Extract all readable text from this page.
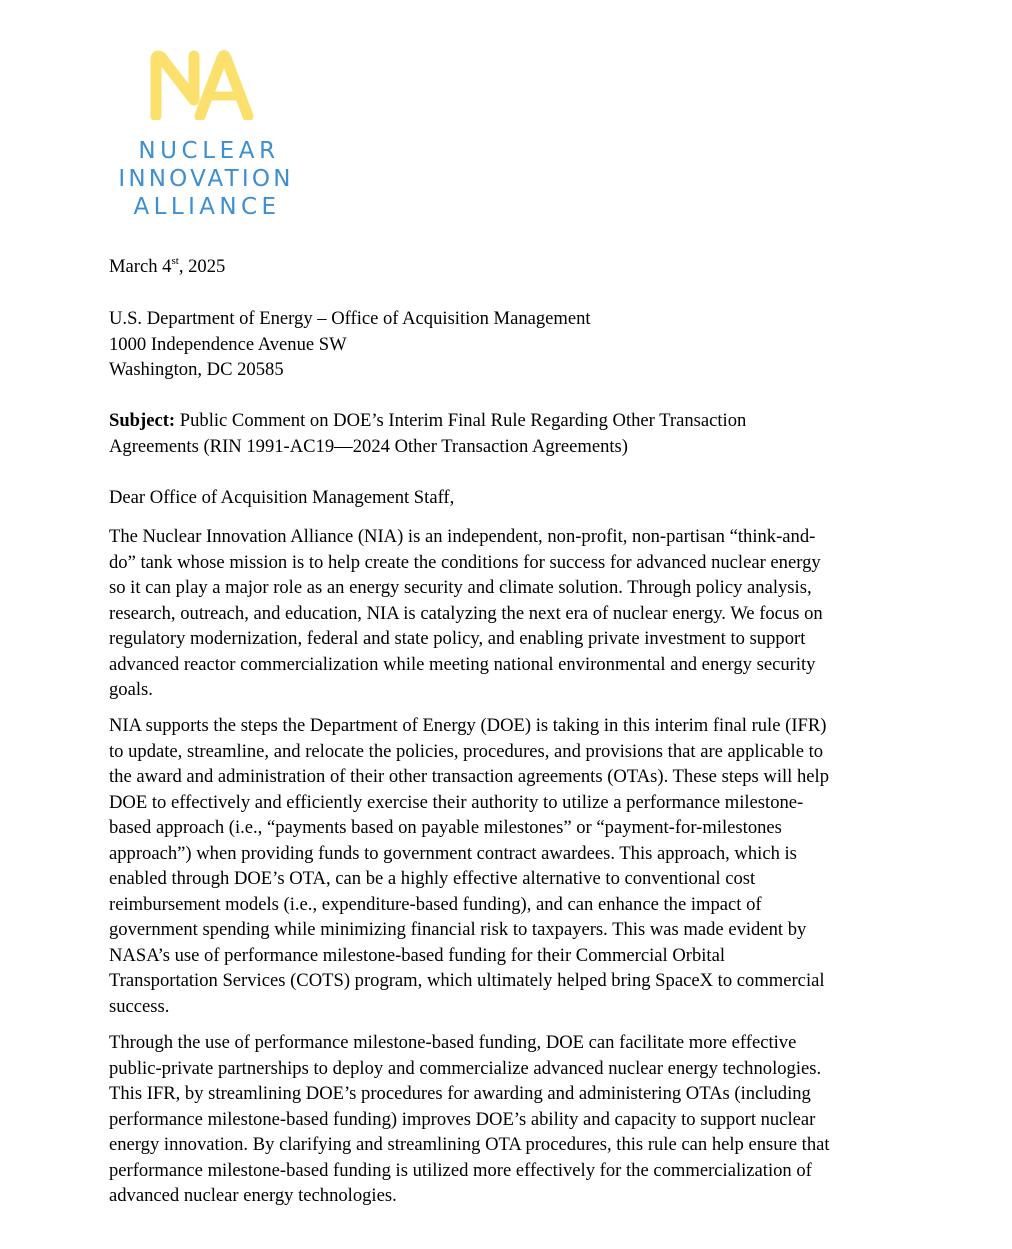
NUCLEAR
INNOVATION
ALLIANCE
March 4st, 2025
U.S. Department of Energy – Office of Acquisition Management
1000 Independence Avenue SW
Washington, DC 20585
Subject: Public Comment on DOE’s Interim Final Rule Regarding Other Transaction
Agreements (RIN 1991-AC19—2024 Other Transaction Agreements)
Dear Office of Acquisition Management Staff,
The Nuclear Innovation Alliance (NIA) is an independent, non-profit, non-partisan “think-and-
do” tank whose mission is to help create the conditions for success for advanced nuclear energy
so it can play a major role as an energy security and climate solution. Through policy analysis,
research, outreach, and education, NIA is catalyzing the next era of nuclear energy. We focus on
regulatory modernization, federal and state policy, and enabling private investment to support
advanced reactor commercialization while meeting national environmental and energy security
goals.
NIA supports the steps the Department of Energy (DOE) is taking in this interim final rule (IFR)
to update, streamline, and relocate the policies, procedures, and provisions that are applicable to
the award and administration of their other transaction agreements (OTAs). These steps will help
DOE to effectively and efficiently exercise their authority to utilize a performance milestone-
based approach (i.e., “payments based on payable milestones” or “payment-for-milestones
approach”) when providing funds to government contract awardees. This approach, which is
enabled through DOE’s OTA, can be a highly effective alternative to conventional cost
reimbursement models (i.e., expenditure-based funding), and can enhance the impact of
government spending while minimizing financial risk to taxpayers. This was made evident by
NASA’s use of performance milestone-based funding for their Commercial Orbital
Transportation Services (COTS) program, which ultimately helped bring SpaceX to commercial
success.
Through the use of performance milestone-based funding, DOE can facilitate more effective
public-private partnerships to deploy and commercialize advanced nuclear energy technologies.
This IFR, by streamlining DOE’s procedures for awarding and administering OTAs (including
performance milestone-based funding) improves DOE’s ability and capacity to support nuclear
energy innovation. By clarifying and streamlining OTA procedures, this rule can help ensure that
performance milestone-based funding is utilized more effectively for the commercialization of
advanced nuclear energy technologies.
